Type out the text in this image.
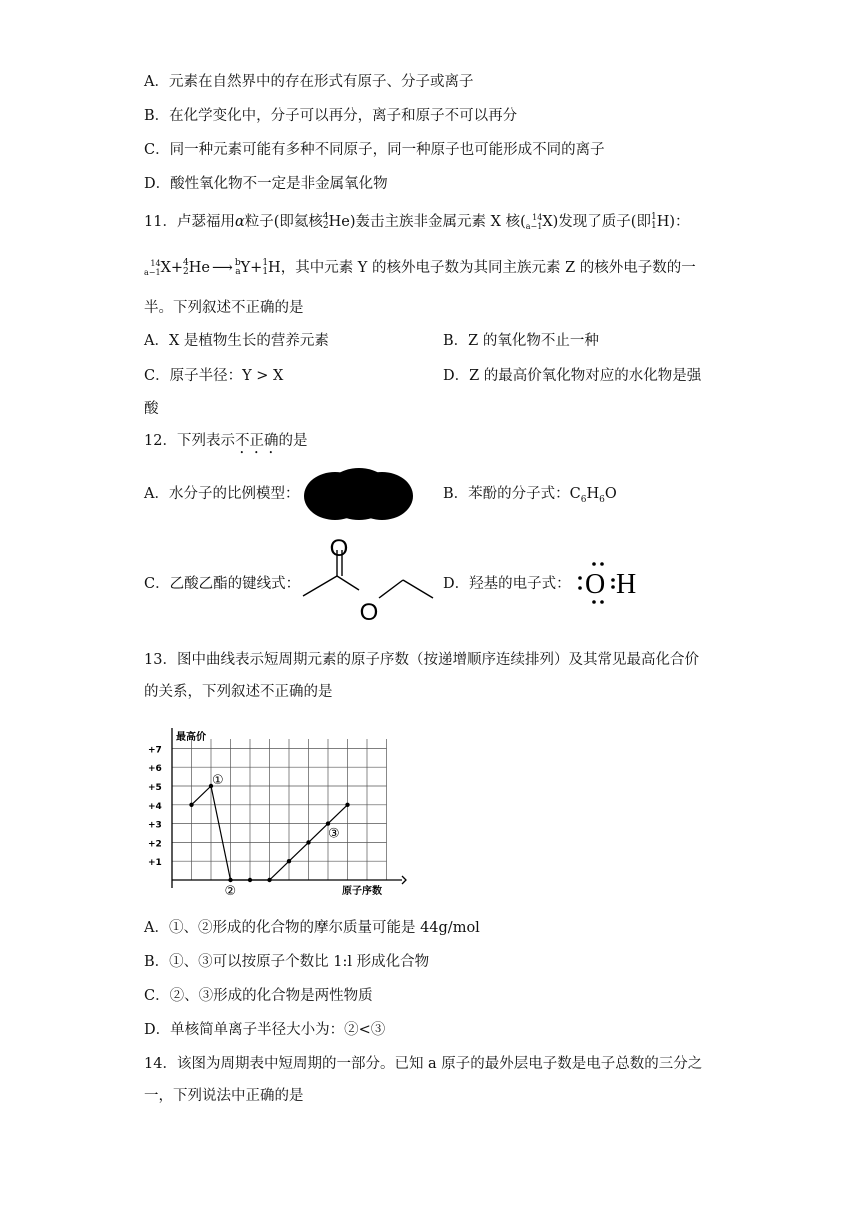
A．元素在自然界中的存在形式有原子、分子或离子
B．在化学变化中，分子可以再分，离子和原子不可以再分
C．同一种元素可能有多种不同原子，同一种原子也可能形成不同的离子
D．酸性氧化物不一定是非金属氧化物
11．卢瑟福用α粒子(即氦核4
2He)轰击主族非金属元素 X 核( 14
a−1X)发现了质子(即1
1H)：
14
a−1X+4
2He ⟶ b
aY+1
1H，其中元素 Y 的核外电子数为其同主族元素 Z 的核外电子数的一
半。下列叙述不正确的是
A．X 是植物生长的营养元素	B．Z 的氧化物不止一种
C．原子半径：Y > X	D．Z 的最高价氧化物对应的水化物是强
酸
12．下列表示不正确的是
A．水分子的比例模型：	B．苯酚的分子式：$C_6H_6O$
C．乙酸乙酯的键线式：
O
O
D．羟基的电子式： O H
13．图中曲线表示短周期元素的原子序数（按递增顺序连续排列）及其常见最高化合价
的关系，下列叙述不正确的是
+7
+6
+5
+4
+3
+2
+1
最高价
原子序数
①
②
③
A．①、②形成的化合物的摩尔质量可能是 44g/mol
B．①、③可以按原子个数比 1:l 形成化合物
C．②、③形成的化合物是两性物质
D．单核简单离子半径大小为：②<③
14．该图为周期表中短周期的一部分。已知 a 原子的最外层电子数是电子总数的三分之
一，下列说法中正确的是
